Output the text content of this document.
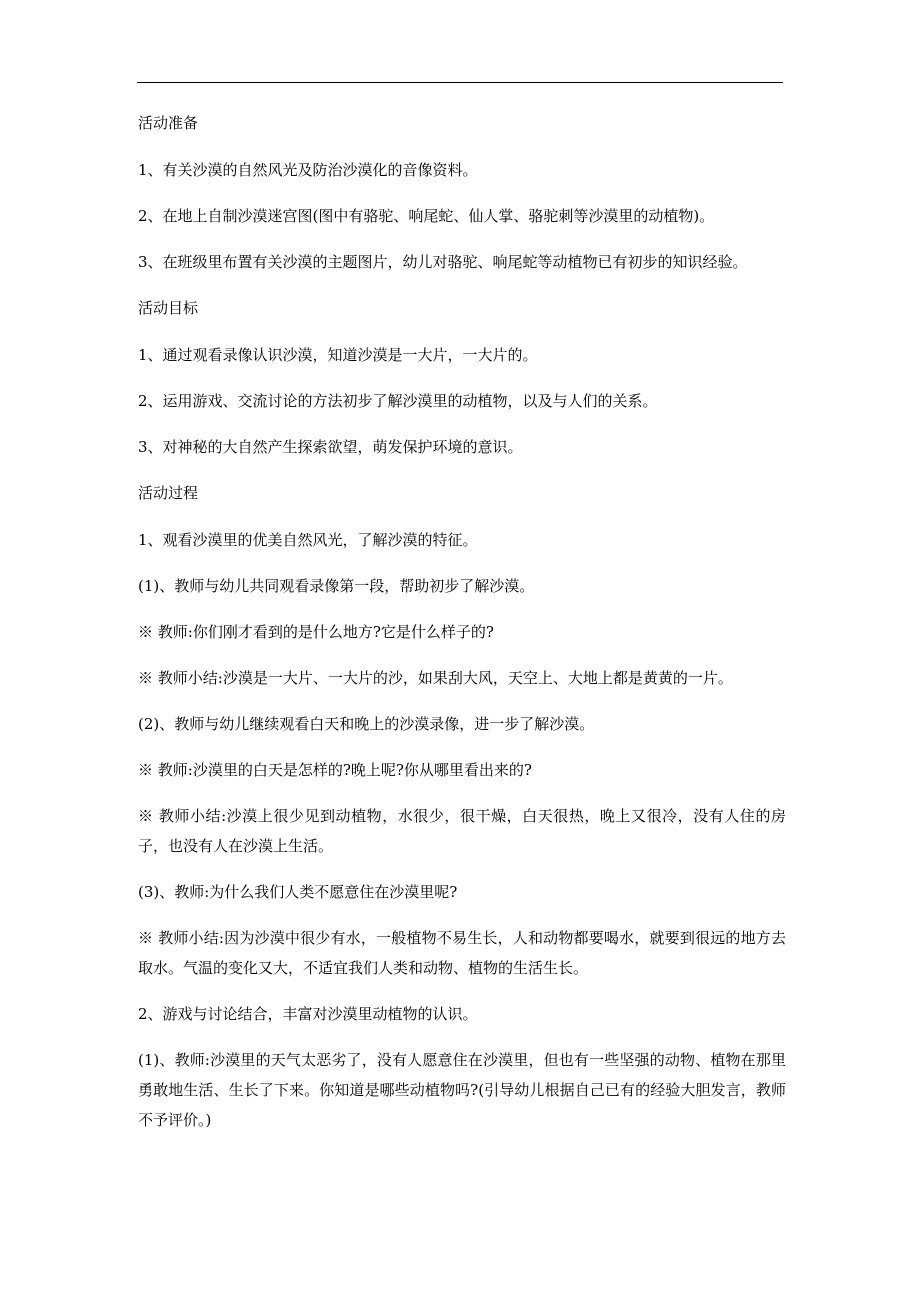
活动准备

1、有关沙漠的自然风光及防治沙漠化的音像资料。

2、在地上自制沙漠迷宫图(图中有骆驼、响尾蛇、仙人掌、骆驼刺等沙漠里的动植物)。

3、在班级里布置有关沙漠的主题图片，幼儿对骆驼、响尾蛇等动植物已有初步的知识经验。

活动目标

1、通过观看录像认识沙漠，知道沙漠是一大片，一大片的。

2、运用游戏、交流讨论的方法初步了解沙漠里的动植物，以及与人们的关系。

3、对神秘的大自然产生探索欲望，萌发保护环境的意识。

活动过程

1、观看沙漠里的优美自然风光，了解沙漠的特征。

(1)、教师与幼儿共同观看录像第一段，帮助初步了解沙漠。

※ 教师:你们刚才看到的是什么地方?它是什么样子的?

※ 教师小结:沙漠是一大片、一大片的沙，如果刮大风，天空上、大地上都是黄黄的一片。

(2)、教师与幼儿继续观看白天和晚上的沙漠录像，进一步了解沙漠。

※ 教师:沙漠里的白天是怎样的?晚上呢?你从哪里看出来的?

※ 教师小结:沙漠上很少见到动植物，水很少，很干燥，白天很热，晚上又很冷，没有人住的房子，也没有人在沙漠上生活。

(3)、教师:为什么我们人类不愿意住在沙漠里呢?

※ 教师小结:因为沙漠中很少有水，一般植物不易生长，人和动物都要喝水，就要到很远的地方去取水。气温的变化又大，不适宜我们人类和动物、植物的生活生长。

2、游戏与讨论结合，丰富对沙漠里动植物的认识。

(1)、教师:沙漠里的天气太恶劣了，没有人愿意住在沙漠里，但也有一些坚强的动物、植物在那里勇敢地生活、生长了下来。你知道是哪些动植物吗?(引导幼儿根据自己已有的经验大胆发言，教师不予评价。)
